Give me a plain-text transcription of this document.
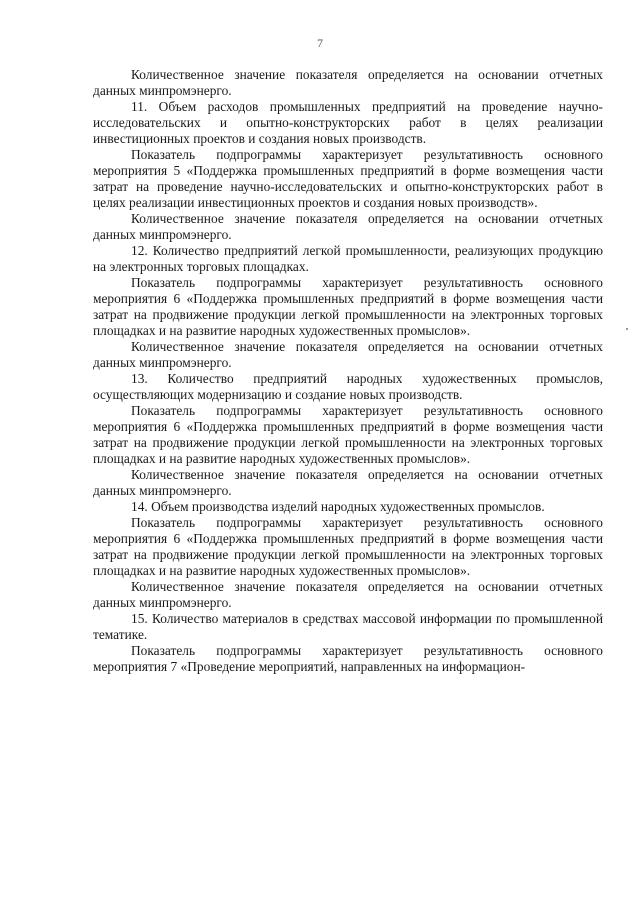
7

Количественное значение показателя определяется на основании отчетных данных минпромэнерго.

11. Объем расходов промышленных предприятий на проведение научно-исследовательских и опытно-конструкторских работ в целях реализации инвестиционных проектов и создания новых производств.

Показатель подпрограммы характеризует результативность основного мероприятия 5 «Поддержка промышленных предприятий в форме возмещения части затрат на проведение научно-исследовательских и опытно-конструкторских работ в целях реализации инвестиционных проектов и создания новых производств».

Количественное значение показателя определяется на основании отчетных данных минпромэнерго.

12. Количество предприятий легкой промышленности, реализующих продукцию на электронных торговых площадках.

Показатель подпрограммы характеризует результативность основного мероприятия 6 «Поддержка промышленных предприятий в форме возмещения части затрат на продвижение продукции легкой промышленности на электронных торговых площадках и на развитие народных художественных промыслов».

Количественное значение показателя определяется на основании отчетных данных минпромэнерго.

13. Количество предприятий народных художественных промыслов, осуществляющих модернизацию и создание новых производств.

Показатель подпрограммы характеризует результативность основного мероприятия 6 «Поддержка промышленных предприятий в форме возмещения части затрат на продвижение продукции легкой промышленности на электронных торговых площадках и на развитие народных художественных промыслов».

Количественное значение показателя определяется на основании отчетных данных минпромэнерго.

14. Объем производства изделий народных художественных промыслов.

Показатель подпрограммы характеризует результативность основного мероприятия 6 «Поддержка промышленных предприятий в форме возмещения части затрат на продвижение продукции легкой промышленности на электронных торговых площадках и на развитие народных художественных промыслов».

Количественное значение показателя определяется на основании отчетных данных минпромэнерго.

15. Количество материалов в средствах массовой информации по промышленной тематике.

Показатель подпрограммы характеризует результативность основного мероприятия 7 «Проведение мероприятий, направленных на информацион-
